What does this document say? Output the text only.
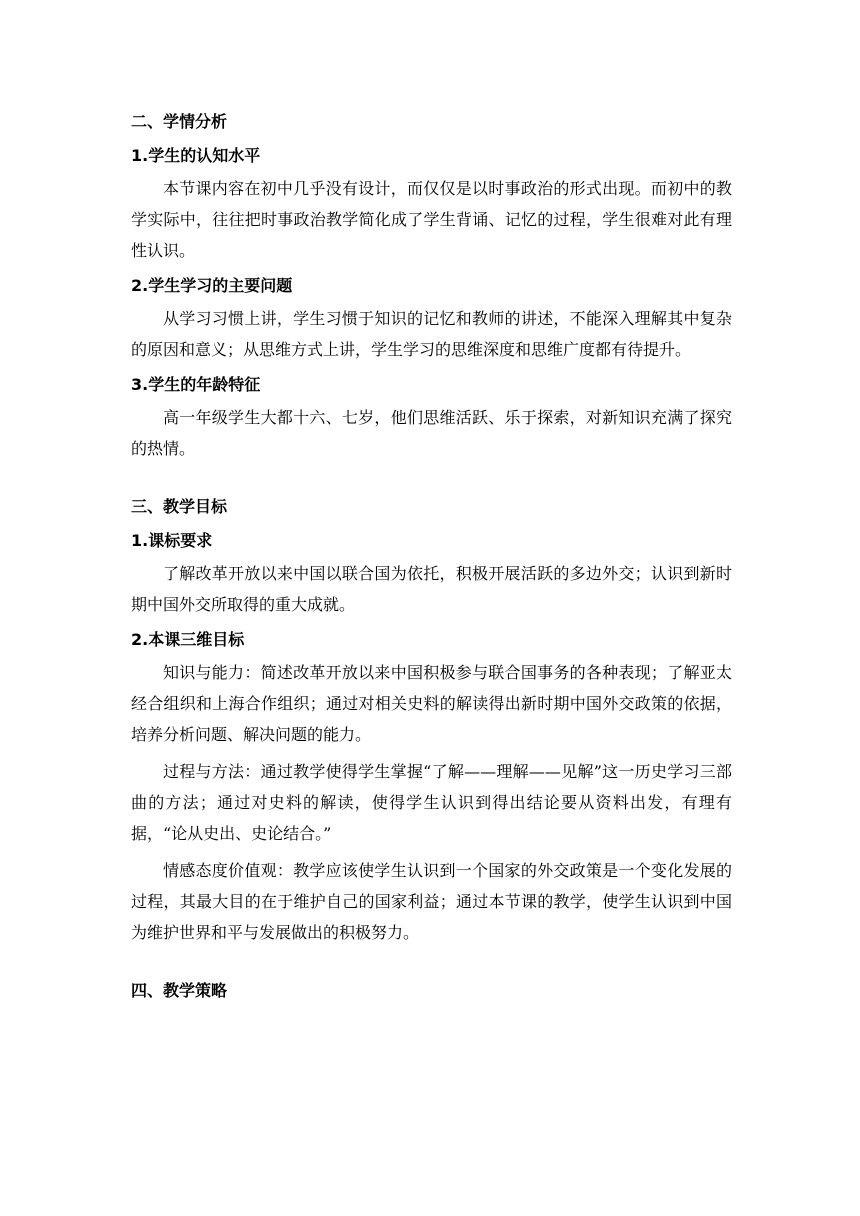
二、学情分析
1.学生的认知水平

本节课内容在初中几乎没有设计，而仅仅是以时事政治的形式出现。而初中的教学实际中，往往把时事政治教学简化成了学生背诵、记忆的过程，学生很难对此有理性认识。

2.学生学习的主要问题

从学习习惯上讲，学生习惯于知识的记忆和教师的讲述，不能深入理解其中复杂的原因和意义；从思维方式上讲，学生学习的思维深度和思维广度都有待提升。

3.学生的年龄特征

高一年级学生大都十六、七岁，他们思维活跃、乐于探索，对新知识充满了探究的热情。

三、教学目标
1.课标要求

了解改革开放以来中国以联合国为依托，积极开展活跃的多边外交；认识到新时期中国外交所取得的重大成就。

2.本课三维目标

知识与能力：简述改革开放以来中国积极参与联合国事务的各种表现；了解亚太经合组织和上海合作组织；通过对相关史料的解读得出新时期中国外交政策的依据，培养分析问题、解决问题的能力。

过程与方法：通过教学使得学生掌握“了解——理解——见解”这一历史学习三部曲的方法；通过对史料的解读，使得学生认识到得出结论要从资料出发，有理有据，“论从史出、史论结合。”

情感态度价值观：教学应该使学生认识到一个国家的外交政策是一个变化发展的过程，其最大目的在于维护自己的国家利益；通过本节课的教学，使学生认识到中国为维护世界和平与发展做出的积极努力。

四、教学策略
